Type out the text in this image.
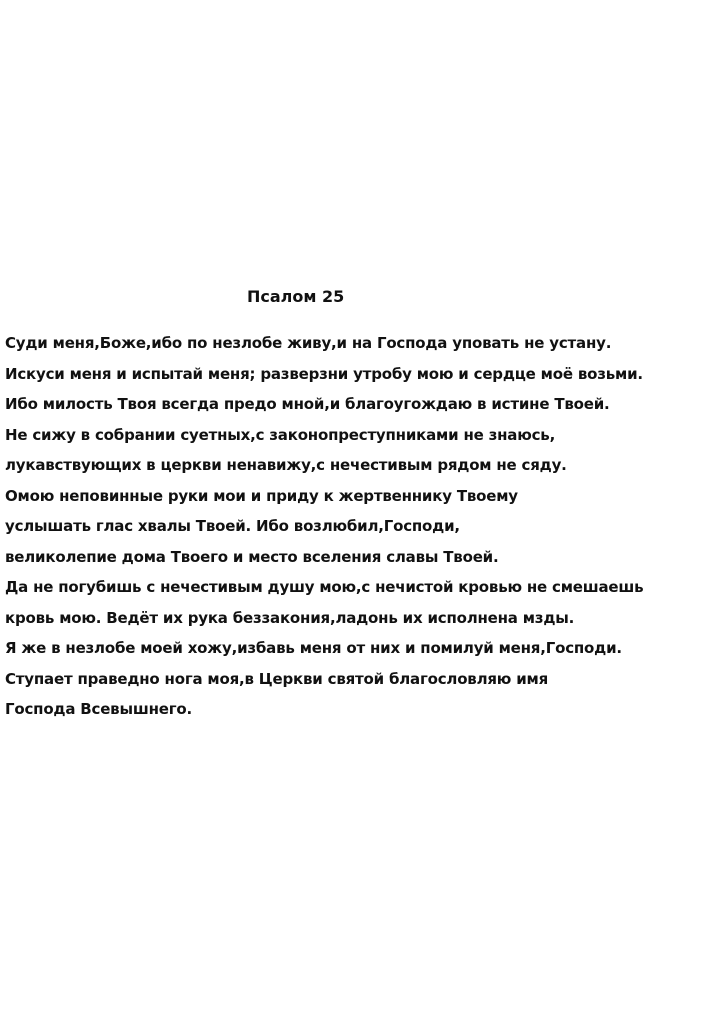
Псалом 25
Суди меня,Боже,ибо по незлобе живу,и на Господа уповать не устану.
Искуси меня и испытай меня; разверзни утробу мою и сердце моё возьми.
Ибо милость Твоя всегда предо мной,и благоугождаю в истине Твоей.
Не сижу в собрании суетных,с законопреступниками не знаюсь,
лукавствующих в церкви ненавижу,с нечестивым рядом не сяду.
Омою неповинные руки мои и приду к жертвеннику Твоему
услышать глас хвалы Твоей. Ибо возлюбил,Господи,
великолепие дома Твоего и место вселения славы Твоей.
Да не погубишь с нечестивым душу мою,с нечистой кровью не смешаешь
кровь мою. Ведёт их рука беззакония,ладонь их исполнена мзды.
Я же в незлобе моей хожу,избавь меня от них и помилуй меня,Господи.
Ступает праведно нога моя,в Церкви святой благословляю имя
Господа Всевышнего.
